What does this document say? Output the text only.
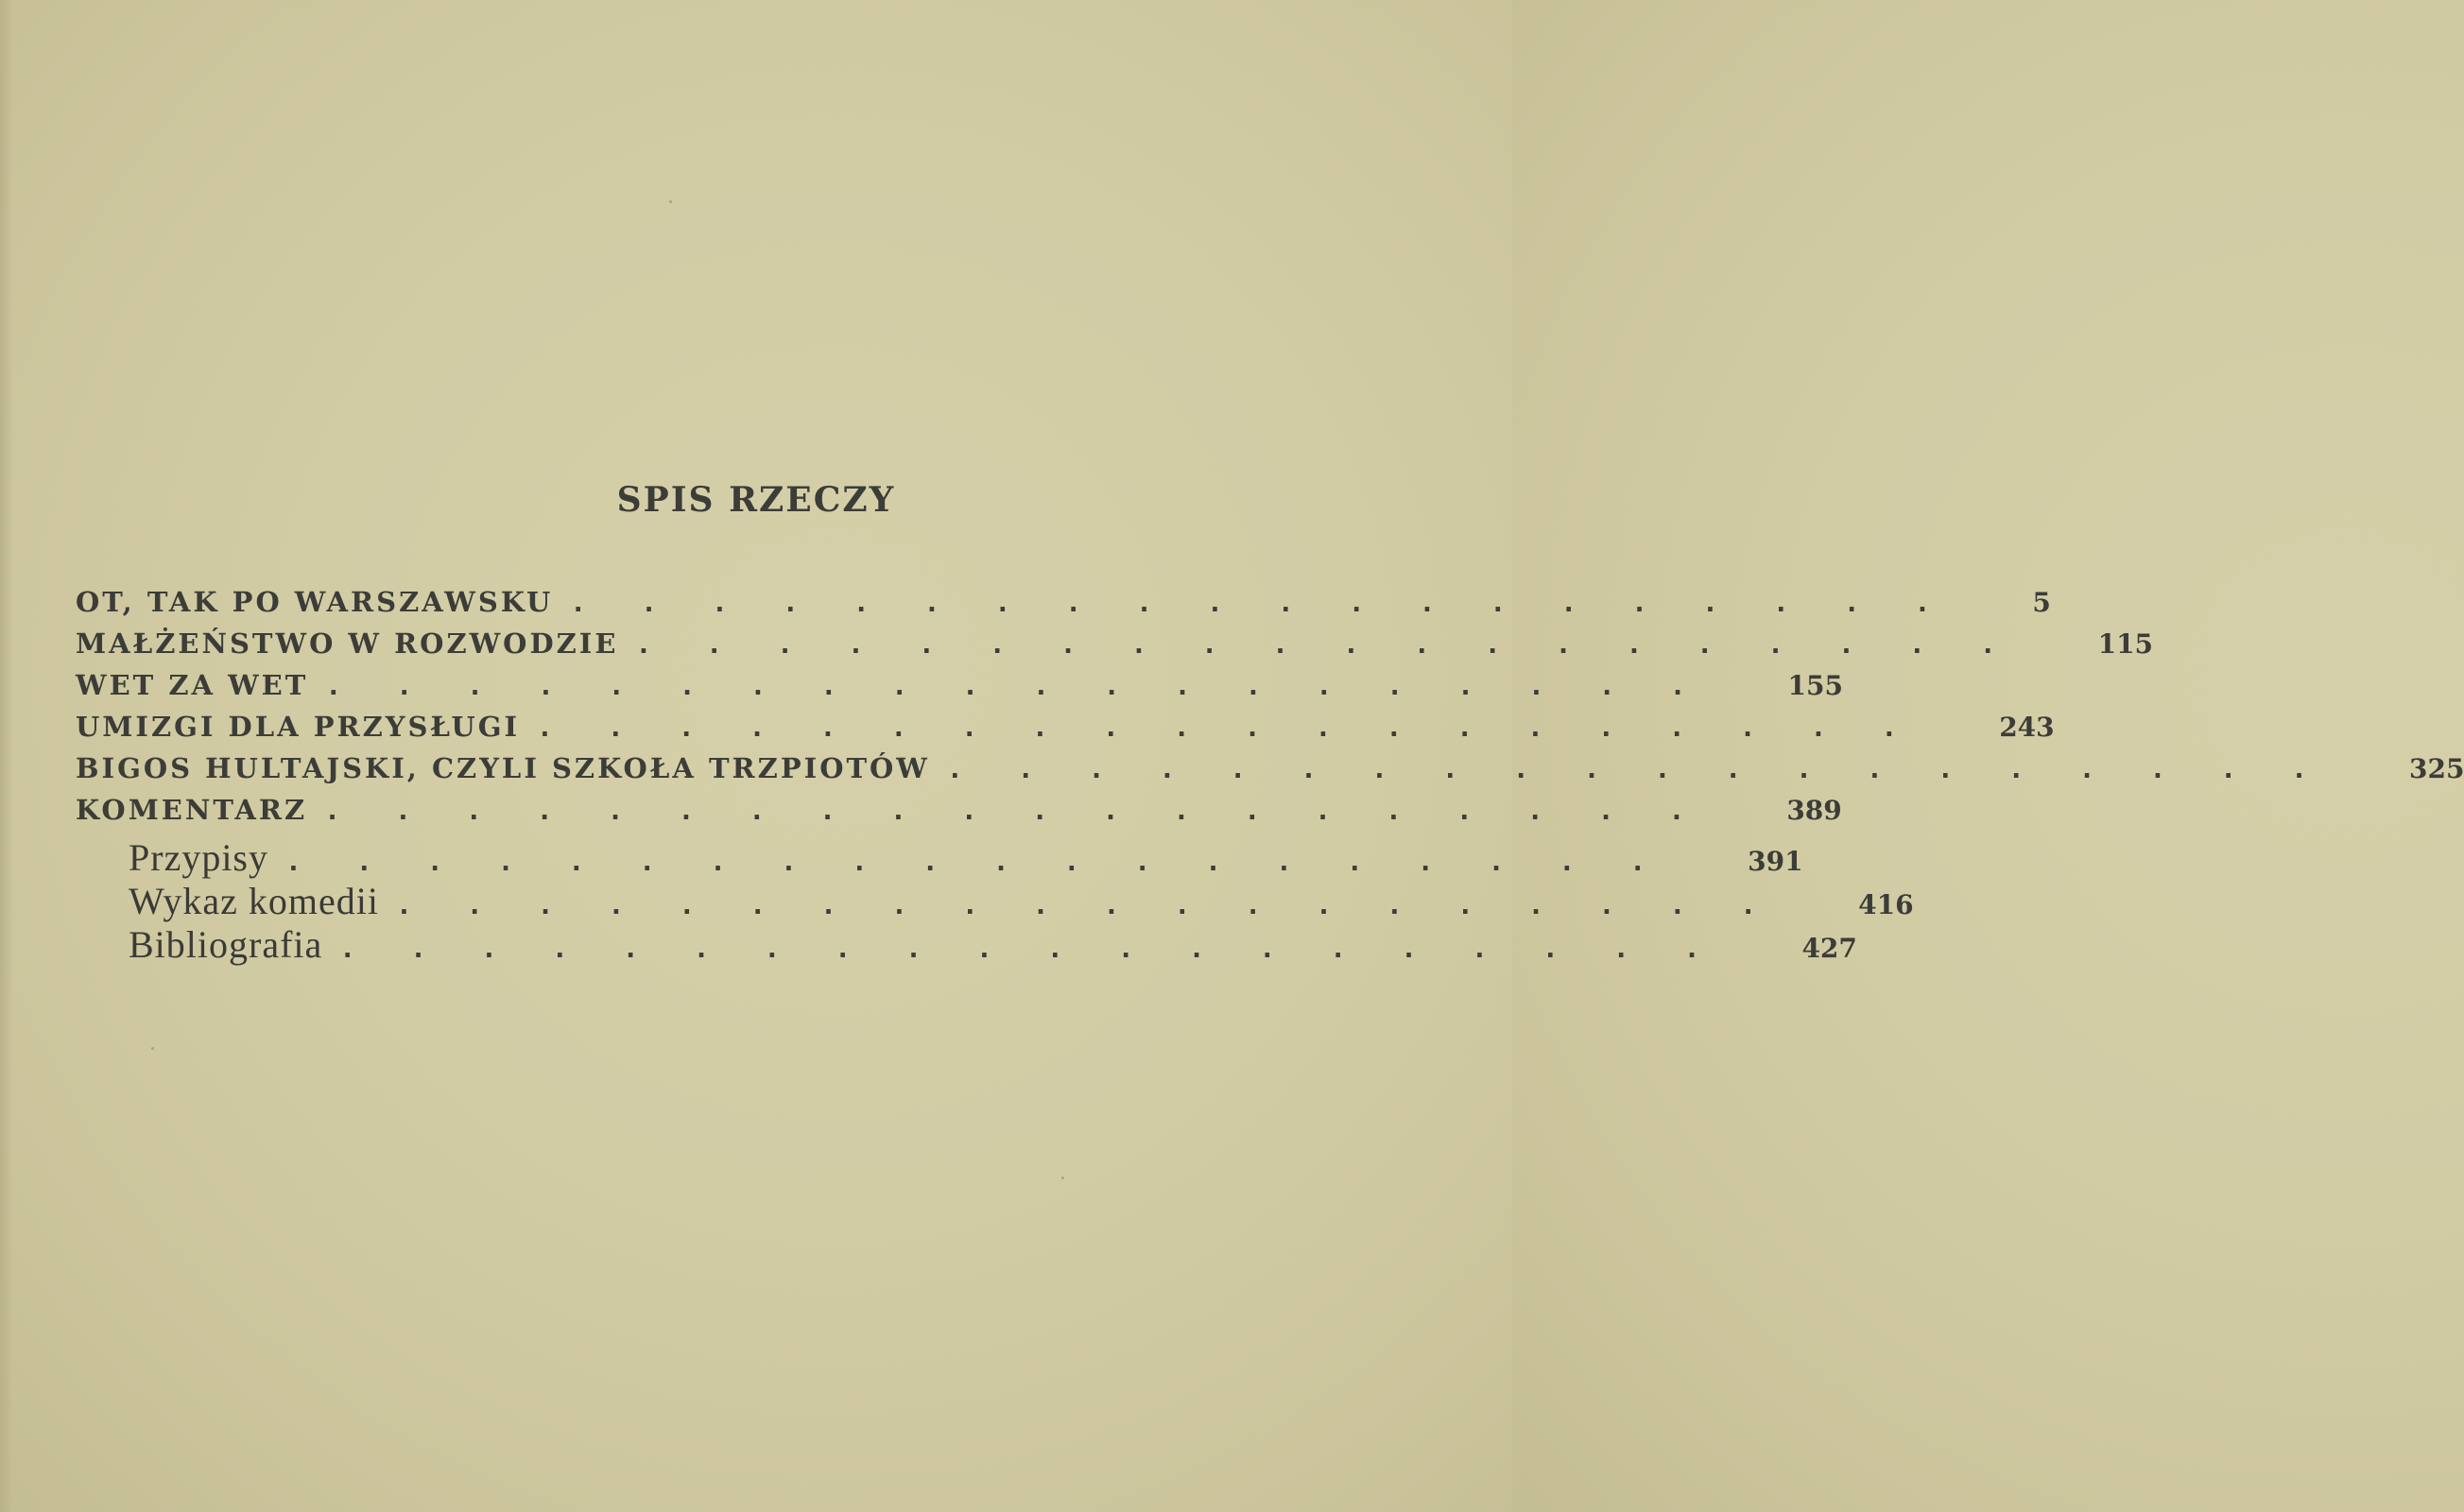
SPIS RZECZY
OT, TAK PO WARSZAWSKU .................... 5
MAŁŻEŃSTWO W ROZWODZIE .................... 115
WET ZA WET .................... 155
UMIZGI DLA PRZYSŁUGI .................... 243
BIGOS HULTAJSKI, CZYLI SZKOŁA TRZPIOTÓW .................... 325
KOMENTARZ .................... 389
Przypisy .................... 391
Wykaz komedii .................... 416
Bibliografia .................... 427
